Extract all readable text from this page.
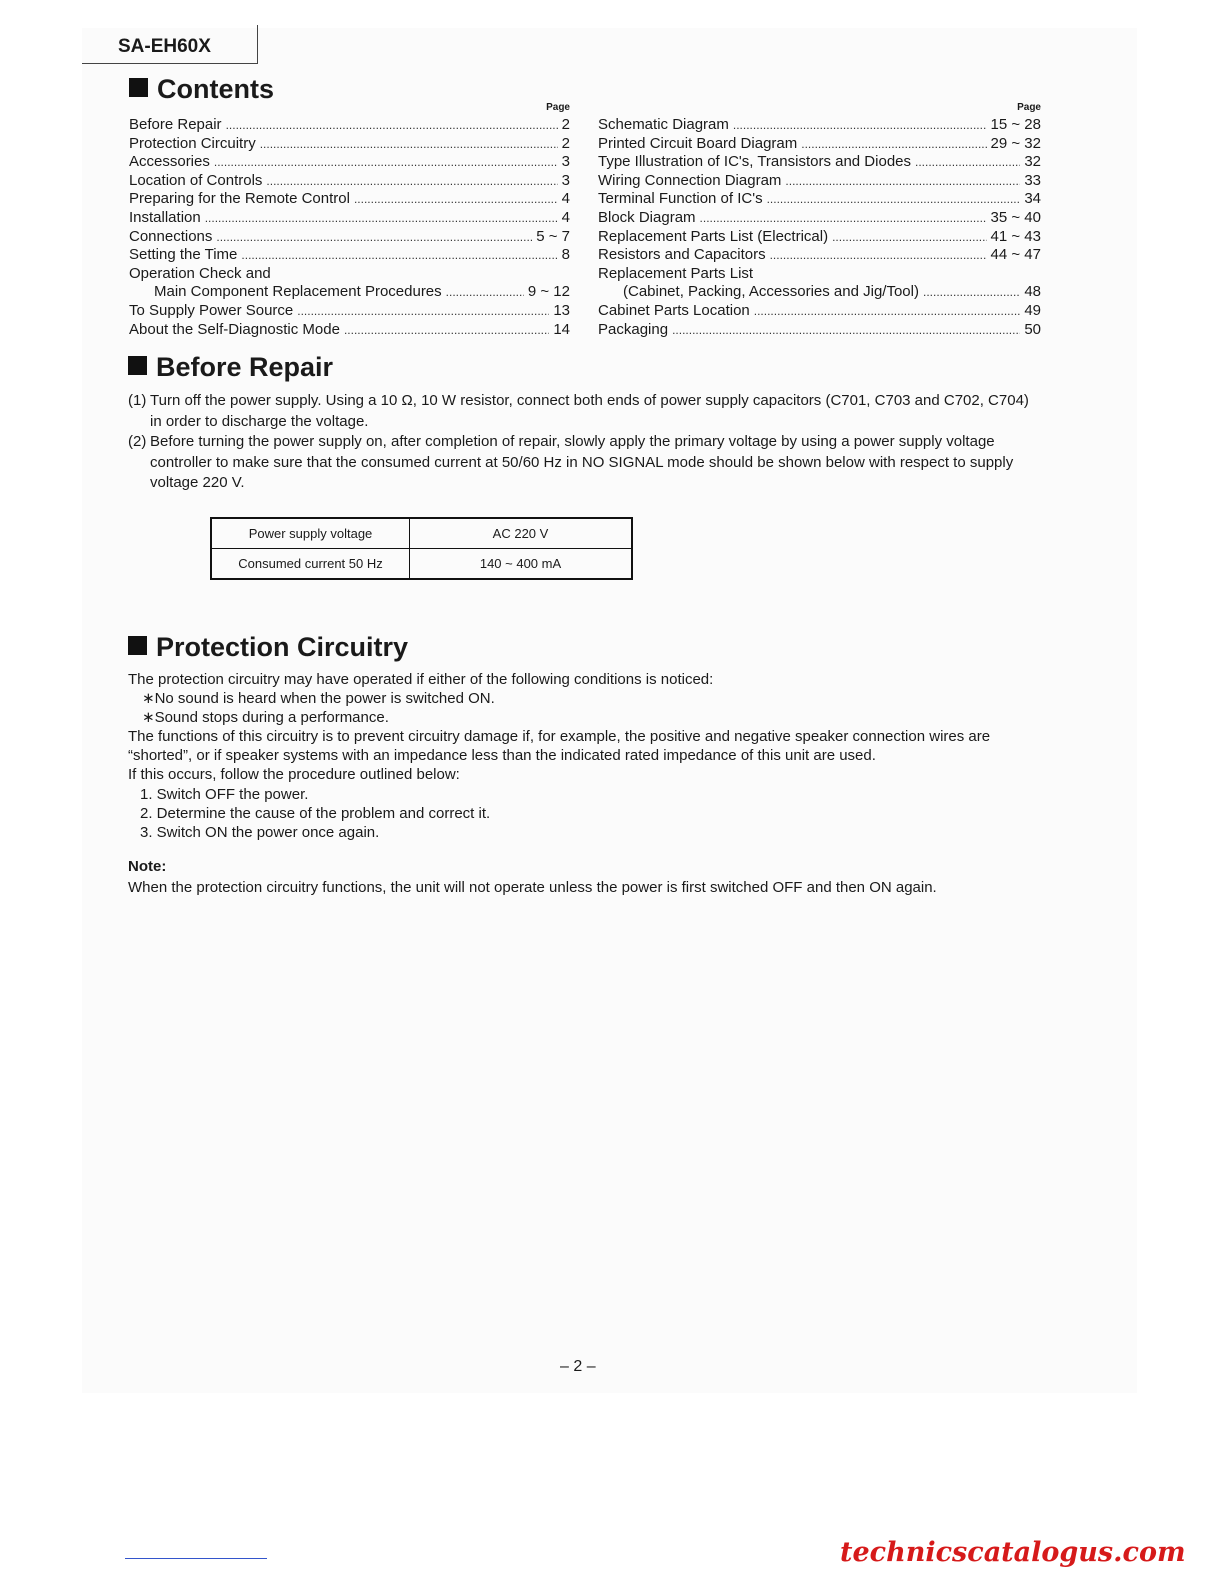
SA-EH60X
Contents
Page
Before Repair .....	2
Protection Circuitry .....	2
Accessories .....	3
Location of Controls .....	3
Preparing for the Remote Control .....	4
Installation .....	4
Connections .....	5 ~ 7
Setting the Time .....	8
Operation Check and
Main Component Replacement Procedures .....	9 ~ 12
To Supply Power Source .....	13
About the Self-Diagnostic Mode .....	14
Page
Schematic Diagram .....	15 ~ 28
Printed Circuit Board Diagram .....	29 ~ 32
Type Illustration of IC's, Transistors and Diodes .....	32
Wiring Connection Diagram .....	33
Terminal Function of IC's .....	34
Block Diagram .....	35 ~ 40
Replacement Parts List (Electrical) .....	41 ~ 43
Resistors and Capacitors .....	44 ~ 47
Replacement Parts List
(Cabinet, Packing, Accessories and Jig/Tool) .....	48
Cabinet Parts Location .....	49
Packaging .....	50
Before Repair
(1) Turn off the power supply. Using a 10 Ω, 10 W resistor, connect both ends of power supply capacitors (C701, C703 and C702, C704) in order to discharge the voltage.
(2) Before turning the power supply on, after completion of repair, slowly apply the primary voltage by using a power supply voltage controller to make sure that the consumed current at 50/60 Hz in NO SIGNAL mode should be shown below with respect to supply voltage 220 V.
Power supply voltage	AC 220 V
Consumed current 50 Hz	140 ~ 400 mA
Protection Circuitry
The protection circuitry may have operated if either of the following conditions is noticed:
∗No sound is heard when the power is switched ON.
∗Sound stops during a performance.
The functions of this circuitry is to prevent circuitry damage if, for example, the positive and negative speaker connection wires are “shorted”, or if speaker systems with an impedance less than the indicated rated impedance of this unit are used.
If this occurs, follow the procedure outlined below:
1. Switch OFF the power.
2. Determine the cause of the problem and correct it.
3. Switch ON the power once again.
Note:
When the protection circuitry functions, the unit will not operate unless the power is first switched OFF and then ON again.
– 2 –
technicscatalogus.com
